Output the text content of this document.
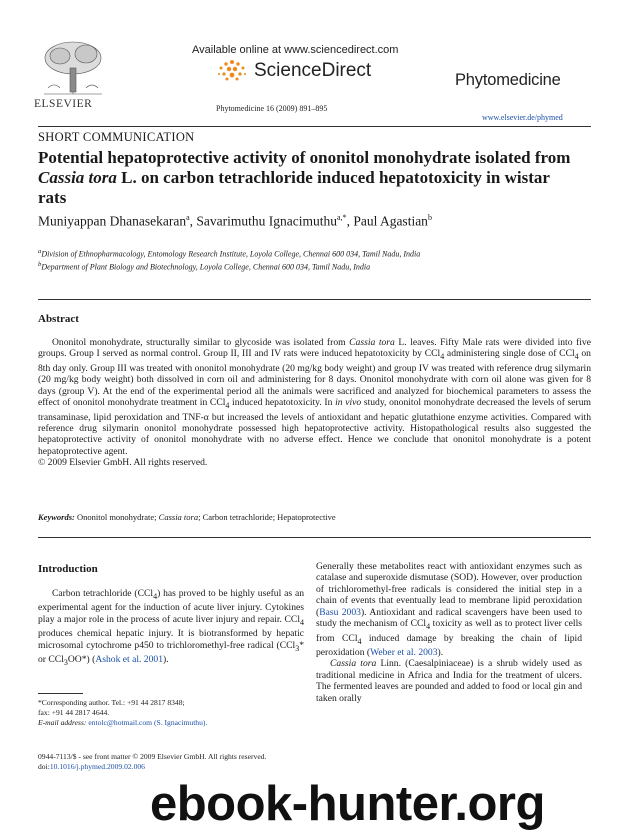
ELSEVIER
Available online at www.sciencedirect.com
ScienceDirect
Phytomedicine 16 (2009) 891–895
Phytomedicine
www.elsevier.de/phymed
SHORT COMMUNICATION
Potential hepatoprotective activity of ononitol monohydrate isolated from Cassia tora L. on carbon tetrachloride induced hepatotoxicity in wistar rats
Muniyappan Dhanasekaran$^a$, Savarimuthu Ignacimuthu$^{a,*}$, Paul Agastian$^b$
$^a$Division of Ethnopharmacology, Entomology Research Institute, Loyola College, Chennai 600 034, Tamil Nadu, India
$^b$Department of Plant Biology and Biotechnology, Loyola College, Chennai 600 034, Tamil Nadu, India
Abstract

Ononitol monohydrate, structurally similar to glycoside was isolated from Cassia tora L. leaves. Fifty Male rats were divided into five groups. Group I served as normal control. Group II, III and IV rats were induced hepatotoxicity by CCl$_4$ administering single dose of CCl$_4$ on 8th day only. Group III was treated with ononitol monohydrate (20 mg/kg body weight) and group IV was treated with reference drug silymarin (20 mg/kg body weight) both dissolved in corn oil and administering for 8 days. Ononitol monohydrate with corn oil alone was given for 8 days (group V). At the end of the experimental period all the animals were sacrificed and analyzed for biochemical parameters to assess the effect of ononitol monohydrate treatment in CCl$_4$ induced hepatotoxicity. In in vivo study, ononitol monohydrate decreased the levels of serum transaminase, lipid peroxidation and TNF-α but increased the levels of antioxidant and hepatic glutathione enzyme activities. Compared with reference drug silymarin ononitol monohydrate possessed high hepatoprotective activity. Histopathological results also suggested the hepatoprotective activity of ononitol monohydrate with no adverse effect. Hence we conclude that ononitol monohydrate is a potent hepatoprotective agent.

© 2009 Elsevier GmbH. All rights reserved.
Keywords: Ononitol monohydrate; Cassia tora; Carbon tetrachloride; Hepatoprotective
Introduction

Carbon tetrachloride (CCl$_4$) has proved to be highly useful as an experimental agent for the induction of acute liver injury. Cytokines play a major role in the process of acute liver injury and repair. CCl$_4$ produces chemical hepatic injury. It is biotransformed by hepatic microsomal cytochrome p450 to trichloromethyl-free radical (CCl$_3$* or CCl$_3$OO*) (Ashok et al. 2001).

Generally these metabolites react with antioxidant enzymes such as catalase and superoxide dismutase (SOD). However, over production of trichloromethyl-free radicals is considered the initial step in a chain of events that eventually lead to membrane lipid peroxidation (Basu 2003). Antioxidant and radical scavengers have been used to study the mechanism of CCl$_4$ toxicity as well as to protect liver cells from CCl$_4$ induced damage by breaking the chain of lipid peroxidation (Weber et al. 2003).

Cassia tora Linn. (Caesalpiniaceae) is a shrub widely used as traditional medicine in Africa and India for the treatment of ulcers. The fermented leaves are pounded and added to food or local gin and taken orally

*Corresponding author. Tel.: +91 44 2817 8348;
fax: +91 44 2817 4644.
E-mail address: entolc@hotmail.com (S. Ignacimuthu).
0944-7113/$ - see front matter © 2009 Elsevier GmbH. All rights reserved.
doi:10.1016/j.phymed.2009.02.006
ebook-hunter.org
